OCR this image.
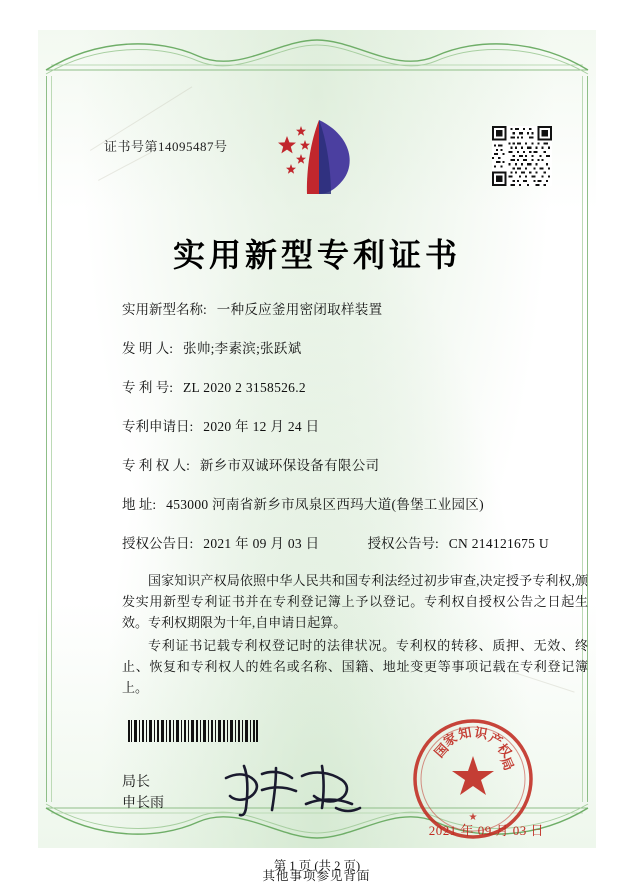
证书号第14095487号
实用新型专利证书
实用新型名称: 一种反应釜用密闭取样装置
发 明 人: 张帅;李素滨;张跃斌
专 利 号: ZL 2020 2 3158526.2
专利申请日: 2020 年 12 月 24 日
专 利 权 人: 新乡市双诚环保设备有限公司
地 址: 453000 河南省新乡市凤泉区西玛大道(鲁堡工业园区)
授权公告日: 2021 年 09 月 03 日	授权公告号: CN 214121675 U

国家知识产权局依照中华人民共和国专利法经过初步审查,决定授予专利权,颁发实用新型专利证书并在专利登记簿上予以登记。专利权自授权公告之日起生效。专利权期限为十年,自申请日起算。

专利证书记载专利权登记时的法律状况。专利权的转移、质押、无效、终止、恢复和专利权人的姓名或名称、国籍、地址变更等事项记载在专利登记簿上。

局长
申长雨
国
家
知 识
产
权
局
★
2021 年 09 月 03 日
第 1 页 (共 2 页)
其他事项参见背面
